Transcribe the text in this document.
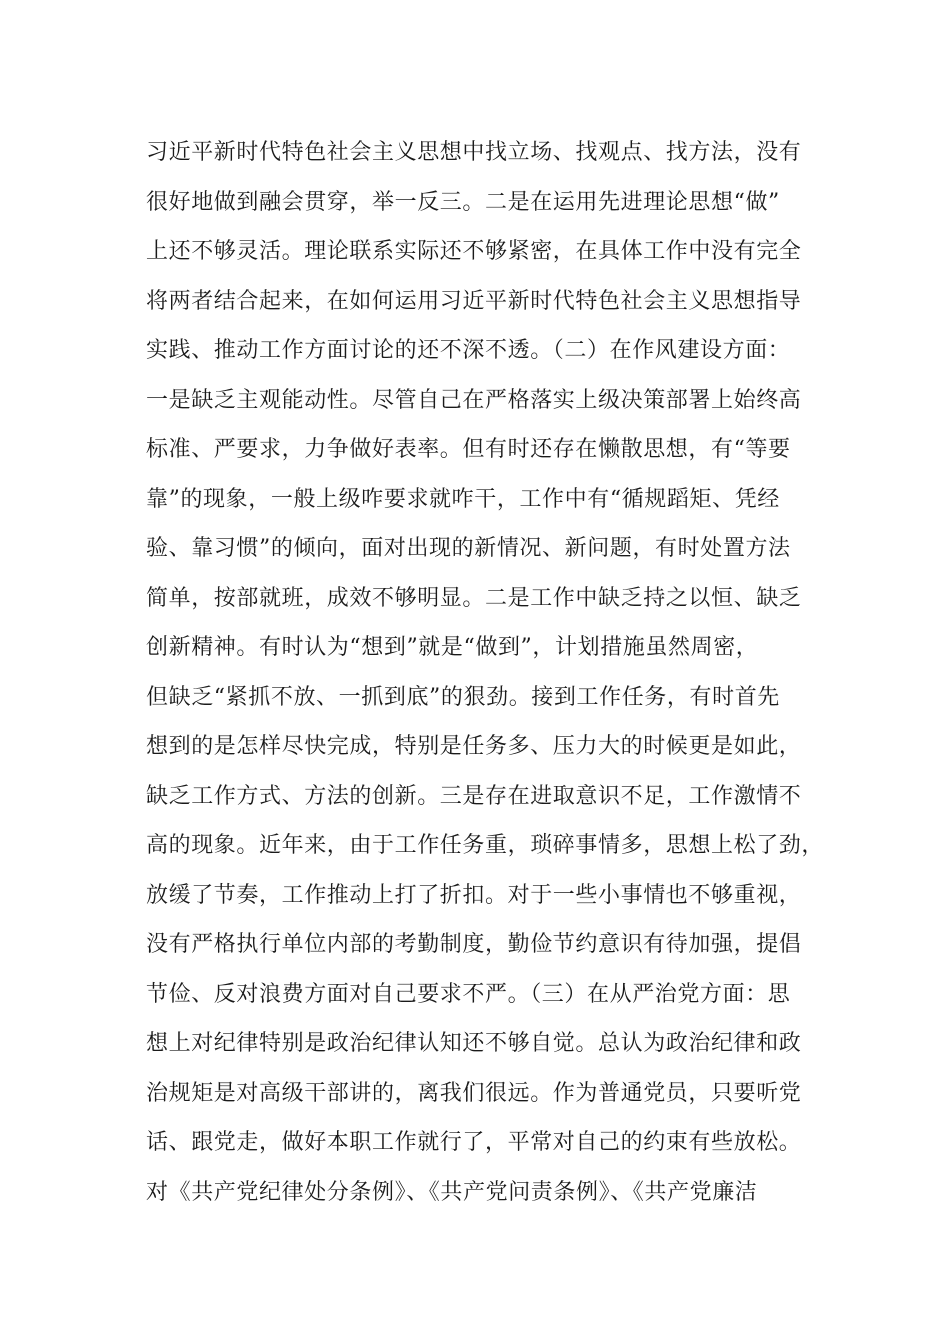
习近平新时代特色社会主义思想中找立场、找观点、找方法，没有
很好地做到融会贯穿，举一反三。二是在运用先进理论思想“做”
上还不够灵活。理论联系实际还不够紧密，在具体工作中没有完全
将两者结合起来，在如何运用习近平新时代特色社会主义思想指导
实践、推动工作方面讨论的还不深不透。（二）在作风建设方面：
一是缺乏主观能动性。尽管自己在严格落实上级决策部署上始终高
标准、严要求，力争做好表率。但有时还存在懒散思想，有“等要
靠”的现象，一般上级咋要求就咋干，工作中有“循规蹈矩、凭经
验、靠习惯”的倾向，面对出现的新情况、新问题，有时处置方法
简单，按部就班，成效不够明显。二是工作中缺乏持之以恒、缺乏
创新精神。有时认为“想到”就是“做到”，计划措施虽然周密，
但缺乏“紧抓不放、一抓到底”的狠劲。接到工作任务，有时首先
想到的是怎样尽快完成，特别是任务多、压力大的时候更是如此，
缺乏工作方式、方法的创新。三是存在进取意识不足，工作激情不
高的现象。近年来，由于工作任务重，琐碎事情多，思想上松了劲，
放缓了节奏，工作推动上打了折扣。对于一些小事情也不够重视，
没有严格执行单位内部的考勤制度，勤俭节约意识有待加强，提倡
节俭、反对浪费方面对自己要求不严。（三）在从严治党方面：思
想上对纪律特别是政治纪律认知还不够自觉。总认为政治纪律和政
治规矩是对高级干部讲的，离我们很远。作为普通党员，只要听党
话、跟党走，做好本职工作就行了，平常对自己的约束有些放松。
对《共产党纪律处分条例》、《共产党问责条例》、《共产党廉洁
